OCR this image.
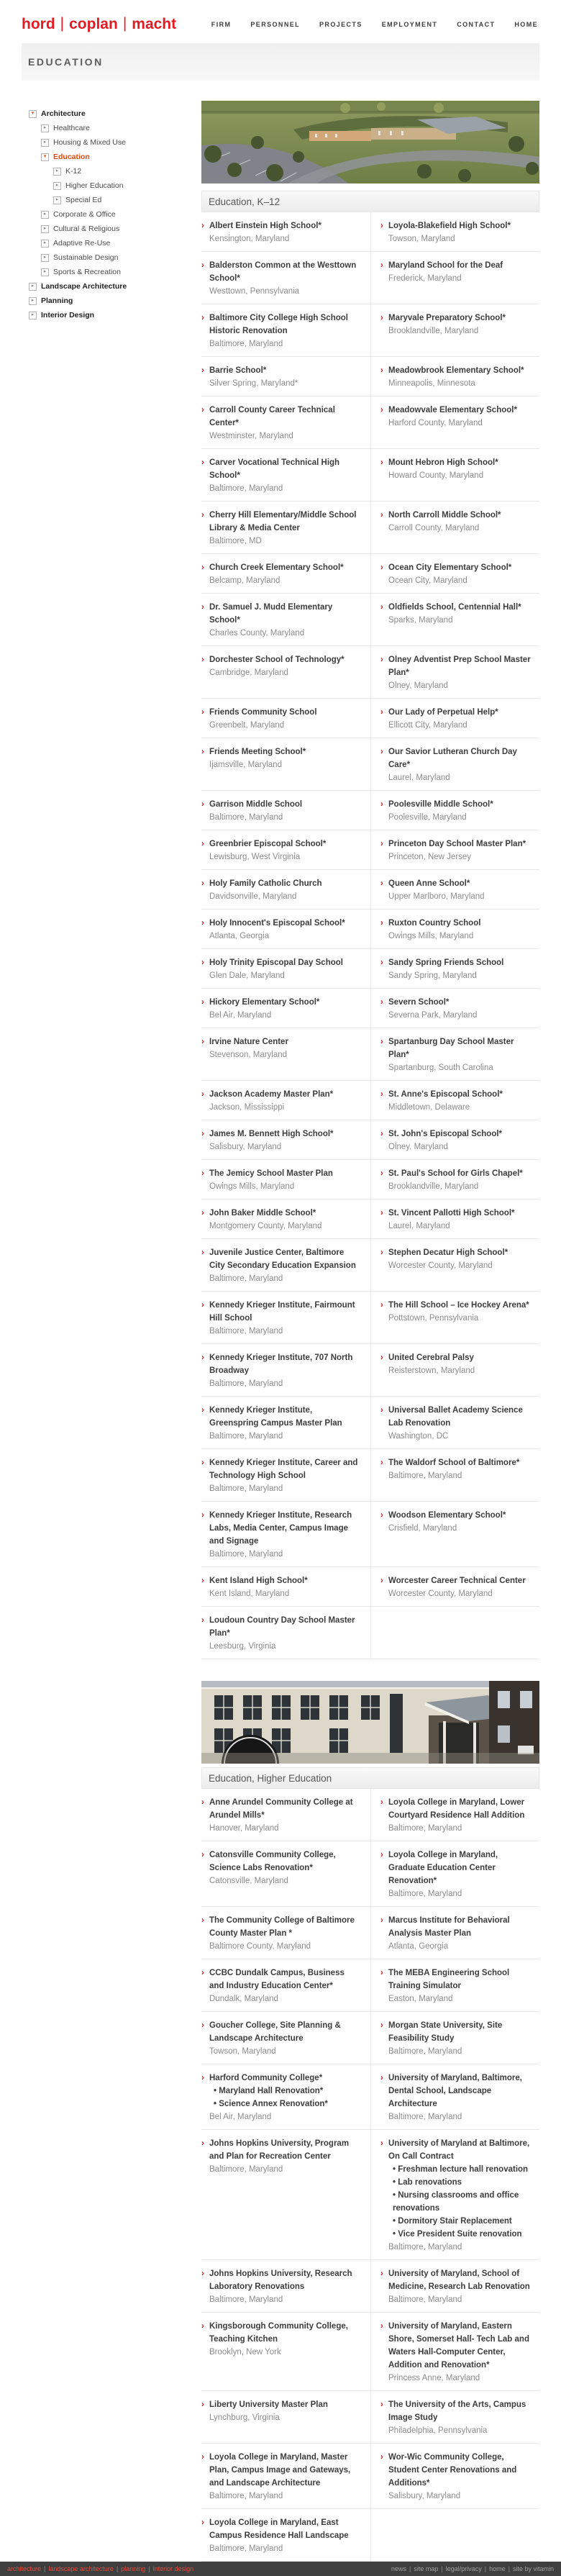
hord | coplan | macht	FIRM	PERSONNEL	PROJECTS	EMPLOYMENT	CONTACT	HOME
EDUCATION
▾ Architecture
▸ Healthcare
▸ Housing & Mixed Use
▾ Education
▸ K-12
▸ Higher Education
▸ Special Ed
▸ Corporate & Office
▸ Cultural & Religious
▸ Adaptive Re-Use
▸ Sustainable Design
▸ Sports & Recreation
▸ Landscape Architecture
▸ Planning
▸ Interior Design
Education, K–12
› Albert Einstein High School*
Kensington, Maryland
› Loyola-Blakefield High School*
Towson, Maryland
› Balderston Common at the Westtown School*
Westtown, Pennsylvania
› Maryland School for the Deaf
Frederick, Maryland
› Baltimore City College High School Historic Renovation
Baltimore, Maryland
› Maryvale Preparatory School*
Brooklandville, Maryland
› Barrie School*
Silver Spring, Maryland*
› Meadowbrook Elementary School*
Minneapolis, Minnesota
› Carroll County Career Technical Center*
Westminster, Maryland
› Meadowvale Elementary School*
Harford County, Maryland
› Carver Vocational Technical High School*
Baltimore, Maryland
› Mount Hebron High School*
Howard County, Maryland
› Cherry Hill Elementary/Middle School Library & Media Center
Baltimore, MD
› North Carroll Middle School*
Carroll County, Maryland
› Church Creek Elementary School*
Belcamp, Maryland
› Ocean City Elementary School*
Ocean City, Maryland
› Dr. Samuel J. Mudd Elementary School*
Charles County, Maryland
› Oldfields School, Centennial Hall*
Sparks, Maryland
› Dorchester School of Technology*
Cambridge, Maryland
› Olney Adventist Prep School Master Plan*
Olney, Maryland
› Friends Community School
Greenbelt, Maryland
› Our Lady of Perpetual Help*
Ellicott City, Maryland
› Friends Meeting School*
Ijamsville, Maryland
› Our Savior Lutheran Church Day Care*
Laurel, Maryland
› Garrison Middle School
Baltimore, Maryland
› Poolesville Middle School*
Poolesville, Maryland
› Greenbrier Episcopal School*
Lewisburg, West Virginia
› Princeton Day School Master Plan*
Princeton, New Jersey
› Holy Family Catholic Church
Davidsonville, Maryland
› Queen Anne School*
Upper Marlboro, Maryland
› Holy Innocent's Episcopal School*
Atlanta, Georgia
› Ruxton Country School
Owings Mills, Maryland
› Holy Trinity Episcopal Day School
Glen Dale, Maryland
› Sandy Spring Friends School
Sandy Spring, Maryland
› Hickory Elementary School*
Bel Air, Maryland
› Severn School*
Severna Park, Maryland
› Irvine Nature Center
Stevenson, Maryland
› Spartanburg Day School Master Plan*
Spartanburg, South Carolina
› Jackson Academy Master Plan*
Jackson, Mississippi
› St. Anne's Episcopal School*
Middletown, Delaware
› James M. Bennett High School*
Salisbury, Maryland
› St. John's Episcopal School*
Olney, Maryland
› The Jemicy School Master Plan
Owings Mills, Maryland
› St. Paul's School for Girls Chapel*
Brooklandville, Maryland
› John Baker Middle School*
Montgomery County, Maryland
› St. Vincent Pallotti High School*
Laurel, Maryland
› Juvenile Justice Center, Baltimore City Secondary Education Expansion
Baltimore, Maryland
› Stephen Decatur High School*
Worcester County, Maryland
› Kennedy Krieger Institute, Fairmount Hill School
Baltimore, Maryland
› The Hill School – Ice Hockey Arena*
Pottstown, Pennsylvania
› Kennedy Krieger Institute, 707 North Broadway
Baltimore, Maryland
› United Cerebral Palsy
Reisterstown, Maryland
› Kennedy Krieger Institute, Greenspring Campus Master Plan
Baltimore, Maryland
› Universal Ballet Academy Science Lab Renovation
Washington, DC
› Kennedy Krieger Institute, Career and Technology High School
Baltimore, Maryland
› The Waldorf School of Baltimore*
Baltimore, Maryland
› Kennedy Krieger Institute, Research Labs, Media Center, Campus Image and Signage
Baltimore, Maryland
› Woodson Elementary School*
Crisfield, Maryland
› Kent Island High School*
Kent Island, Maryland
› Worcester Career Technical Center
Worcester County, Maryland
› Loudoun Country Day School Master Plan*
Leesburg, Virginia
Education, Higher Education
› Anne Arundel Community College at Arundel Mills*
Hanover, Maryland
› Loyola College in Maryland, Lower Courtyard Residence Hall Addition
Baltimore, Maryland
› Catonsville Community College, Science Labs Renovation*
Catonsville, Maryland
› Loyola College in Maryland, Graduate Education Center Renovation*
Baltimore, Maryland
› The Community College of Baltimore County Master Plan *
Baltimore County, Maryland
› Marcus Institute for Behavioral Analysis Master Plan
Atlanta, Georgia
› CCBC Dundalk Campus, Business and Industry Education Center*
Dundalk, Maryland
› The MEBA Engineering School Training Simulator
Easton, Maryland
› Goucher College, Site Planning & Landscape Architecture
Towson, Maryland
› Morgan State University, Site Feasibility Study
Baltimore, Maryland
› Harford Community College*
• Maryland Hall Renovation*
• Science Annex Renovation*
Bel Air, Maryland
› University of Maryland, Baltimore, Dental School, Landscape Architecture
Baltimore, Maryland
› Johns Hopkins University, Program and Plan for Recreation Center
Baltimore, Maryland
› University of Maryland at Baltimore, On Call Contract
• Freshman lecture hall renovation
• Lab renovations
• Nursing classrooms and office renovations
• Dormitory Stair Replacement
• Vice President Suite renovation
Baltimore, Maryland
› Johns Hopkins University, Research Laboratory Renovations
Baltimore, Maryland
› University of Maryland, School of Medicine, Research Lab Renovation
Baltimore, Maryland
› Kingsborough Community College, Teaching Kitchen
Brooklyn, New York
› University of Maryland, Eastern Shore, Somerset Hall- Tech Lab and Waters Hall-Computer Center, Addition and Renovation*
Princess Anne, Maryland
› Liberty University Master Plan
Lynchburg, Virginia
› The University of the Arts, Campus Image Study
Philadelphia, Pennsylvania
› Loyola College in Maryland, Master Plan, Campus Image and Gateways, and Landscape Architecture
Baltimore, Maryland
› Wor-Wic Community College, Student Center Renovations and Additions*
Salisbury, Maryland
› Loyola College in Maryland, East Campus Residence Hall Landscape
Baltimore, Maryland
architecture | landscape architecture | planning | interior design	news | site map | legal/privacy | home | site by vitamin
